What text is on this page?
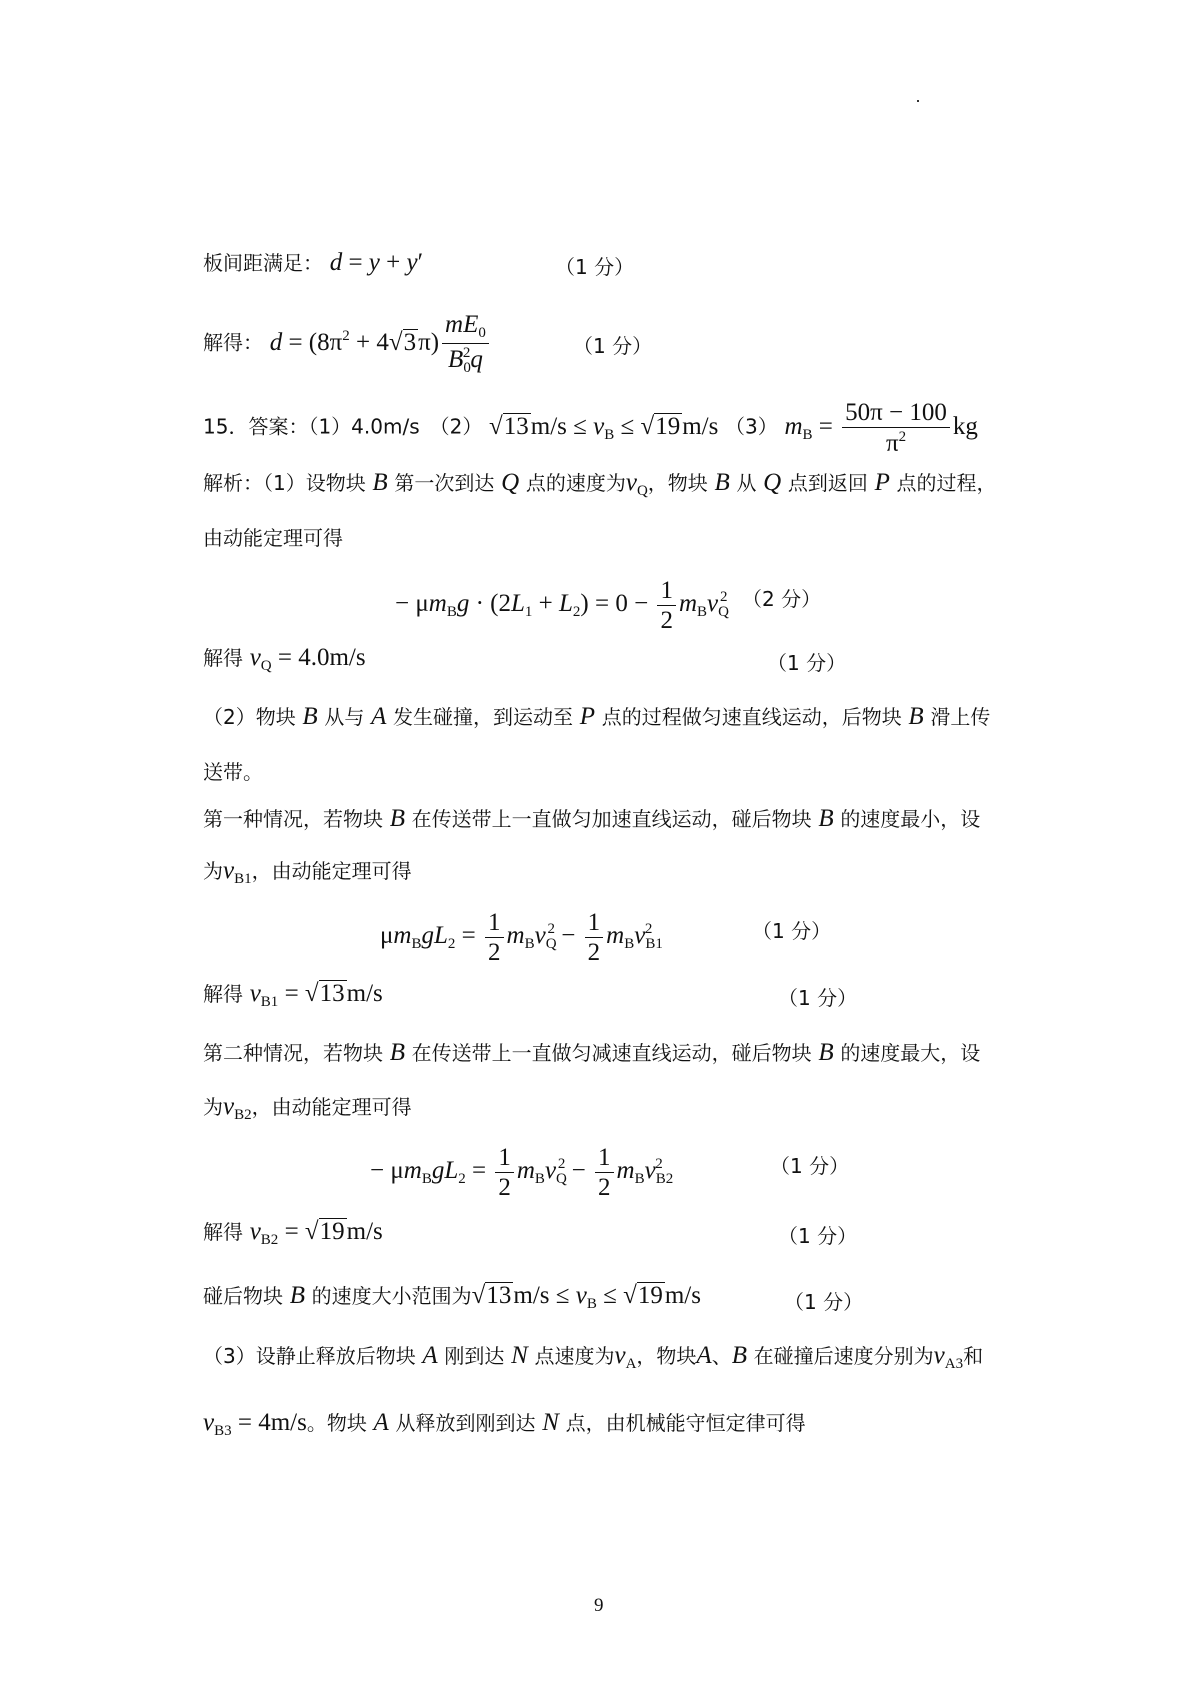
板间距满足： d = y + y′	（1 分）
解得： $d = (8\pi^2 + 4√3\pi) \frac{mE_0}{B_0^2q}$	（1 分）
15．答案：（1）4.0m/s　（2） $√13m/s \le v_B \le √19m/s$ （3） $m_B = \frac{50\pi - 100}{\pi^2}$ kg
解析：（1）设物块 B 第一次到达 Q 点的速度为$v_Q$，物块 B 从 Q 点到返回 P 点的过程，
由动能定理可得
− $\mu m_Bg \cdot (2L_1 + L_2) = 0 - \frac{1}{2} m_Bv_Q^2$ （2 分）
解得 $v_Q = 4.0m/s$	（1 分）
（2）物块 B 从与 A 发生碰撞，到运动至 P 点的过程做匀速直线运动，后物块 B 滑上传
送带。
第一种情况，若物块 B 在传送带上一直做匀加速直线运动，碰后物块 B 的速度最小，设
为$v_{B1}$，由动能定理可得
$\mu m_BgL_2 = \frac{1}{2} m_Bv_Q^2 - \frac{1}{2} m_Bv_{B1}^2$	（1 分）
解得 $v_{B1} = √13m/s$	（1 分）
第二种情况，若物块 B 在传送带上一直做匀减速直线运动，碰后物块 B 的速度最大，设
为$v_{B2}$，由动能定理可得
− $\mu m_BgL_2 = \frac{1}{2} m_Bv_Q^2 - \frac{1}{2} m_Bv_{B2}^2$	（1 分）
解得 $v_{B2} = √19m/s$	（1 分）
碰后物块 B 的速度大小范围为$√13m/s \le v_B \le √19m/s$	（1 分）
（3）设静止释放后物块 A 刚到达 N 点速度为$v_A$，物块A、B 在碰撞后速度分别为$v_{A3}$和
$v_{B3} = 4m/s$。物块 A 从释放到刚到达 N 点，由机械能守恒定律可得
9
